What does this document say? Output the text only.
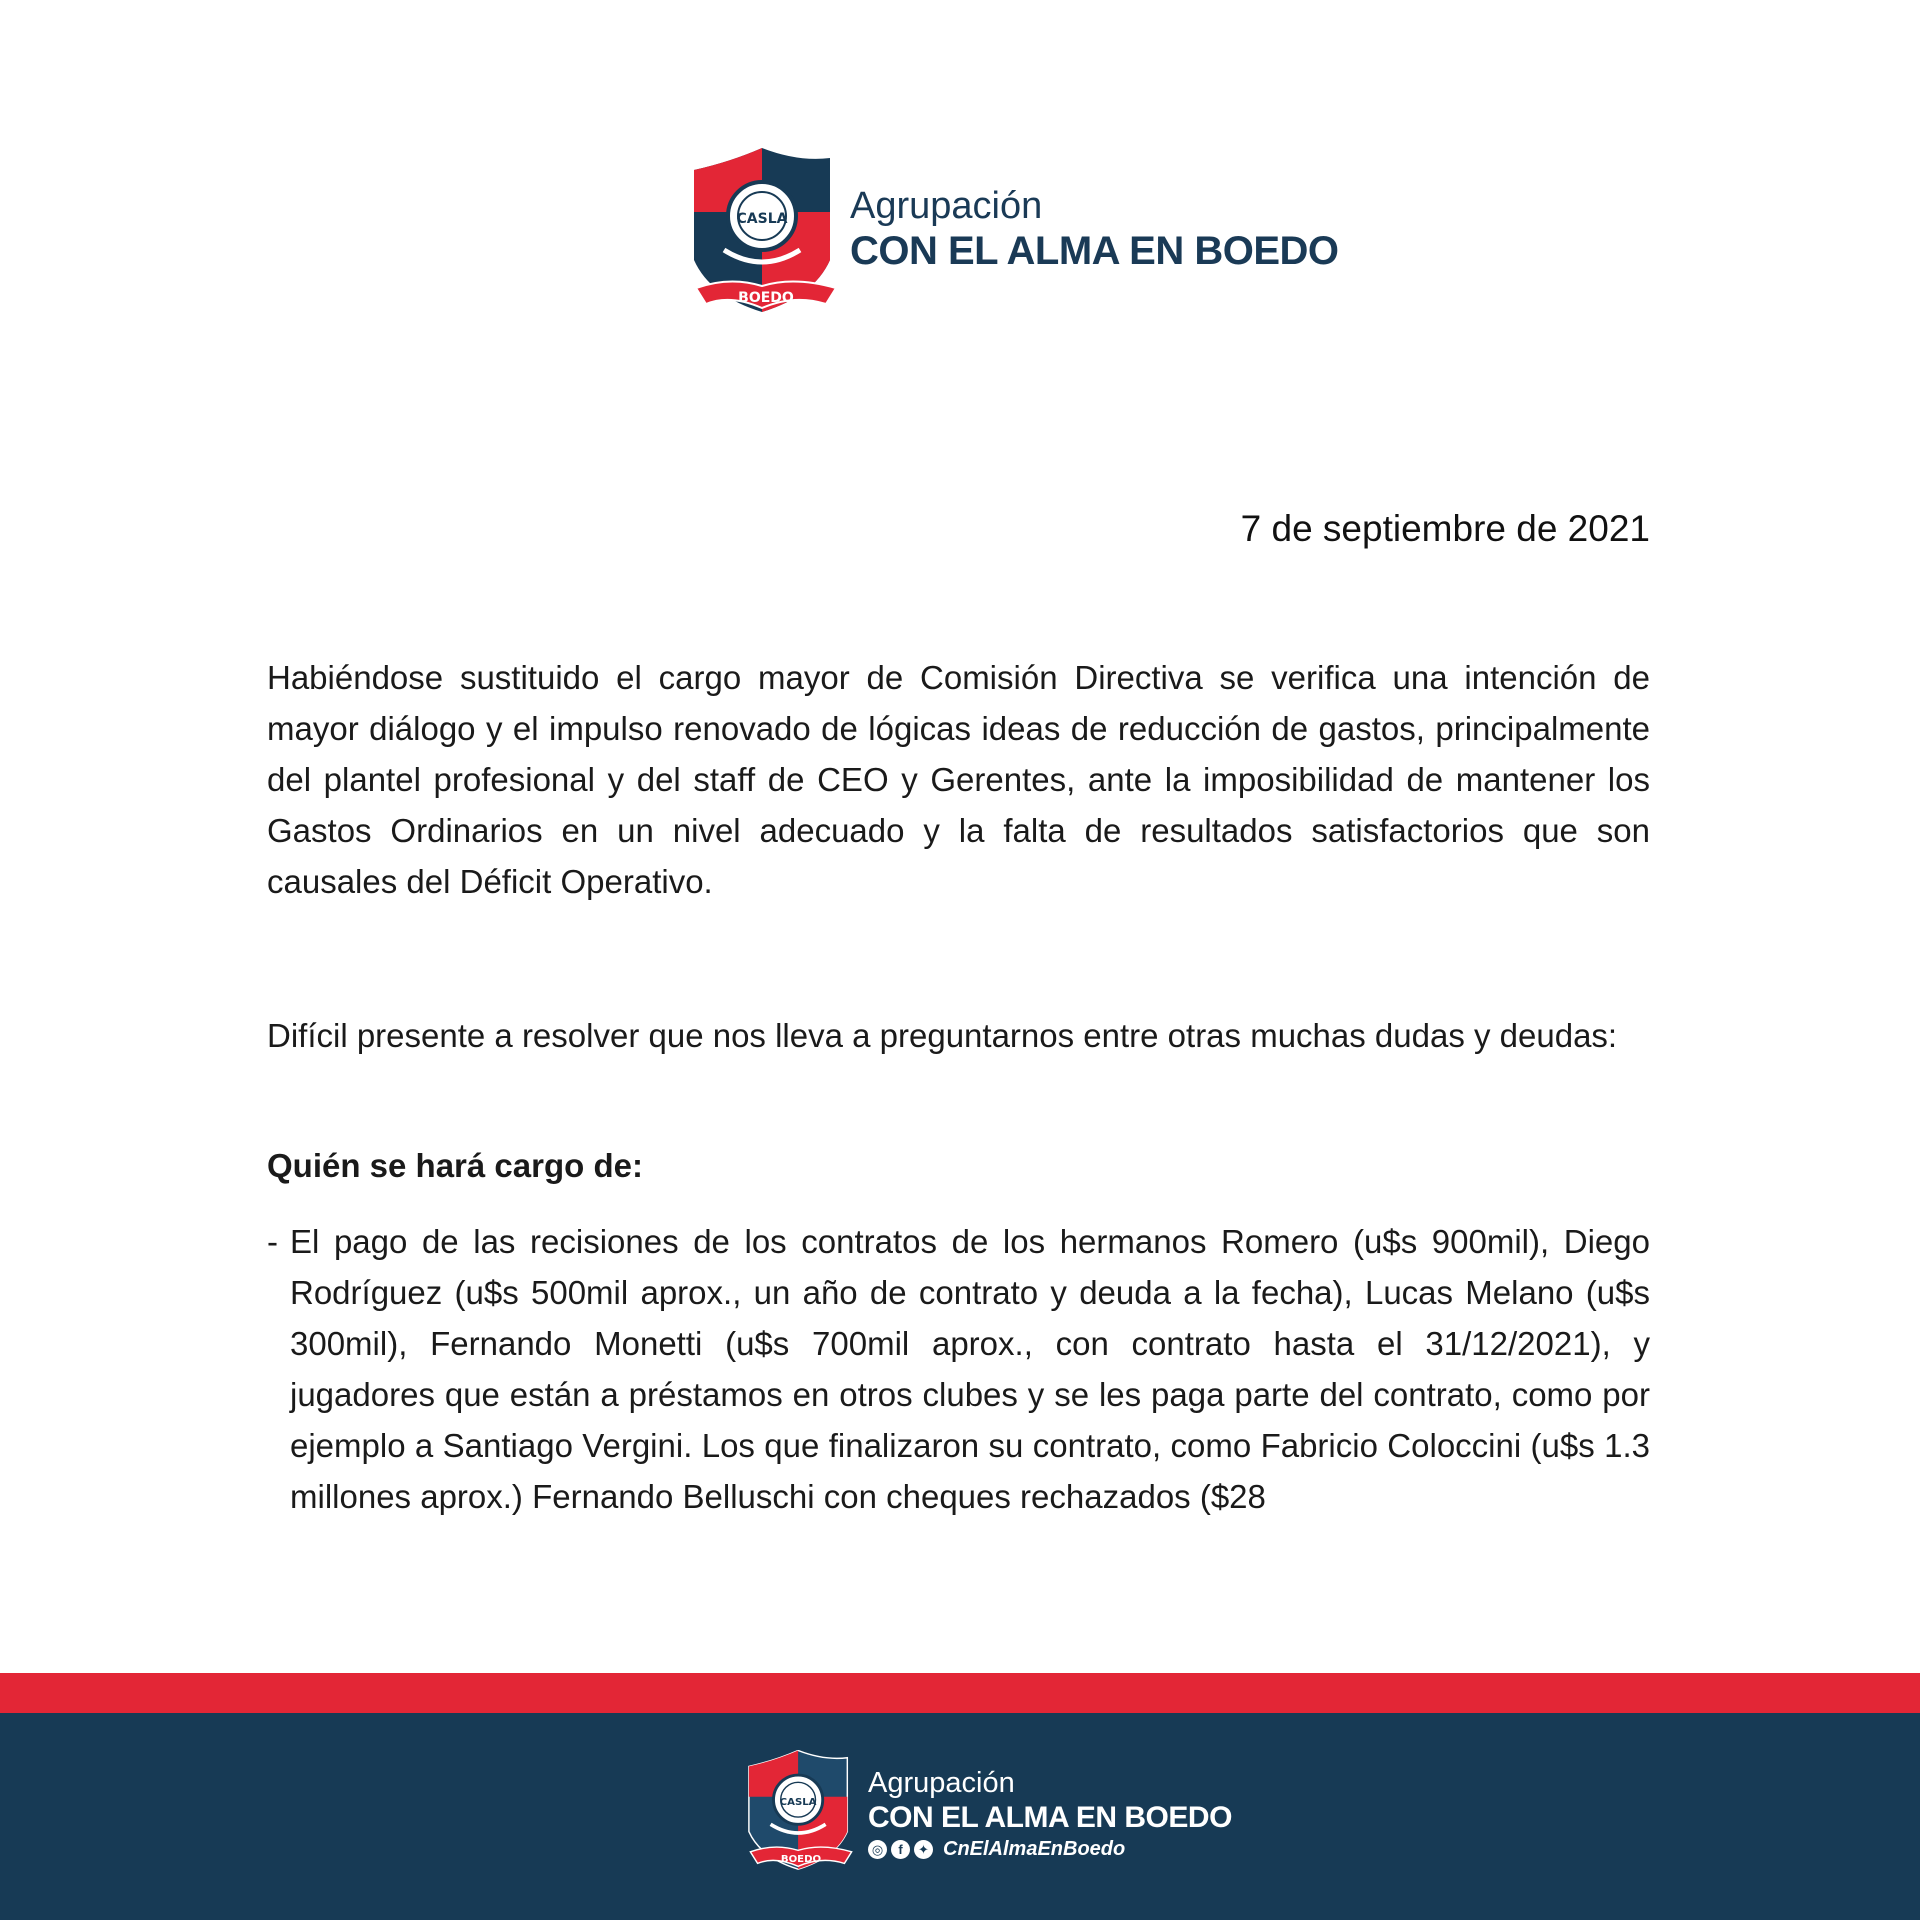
CASLA
BOEDO
Agrupación
CON EL ALMA EN BOEDO
7 de septiembre de 2021
Habiéndose sustituido el cargo mayor de Comisión Directiva se verifica una intención de mayor diálogo y el impulso renovado de lógicas ideas de reducción de gastos, principalmente del plantel profesional y del staff de CEO y Gerentes, ante la imposibilidad de mantener los Gastos Ordinarios en un nivel adecuado y la falta de resultados satisfactorios que son causales del Déficit Operativo.
Difícil presente a resolver que nos lleva a preguntarnos entre otras muchas dudas y deudas:
Quién se hará cargo de:
- El pago de las recisiones de los contratos de los hermanos Romero (u$s 900mil), Diego Rodríguez (u$s 500mil aprox., un año de contrato y deuda a la fecha), Lucas Melano (u$s 300mil), Fernando Monetti (u$s 700mil aprox., con contrato hasta el 31/12/2021), y jugadores que están a préstamos en otros clubes y se les paga parte del contrato, como por ejemplo a Santiago Vergini. Los que finalizaron su contrato, como Fabricio Coloccini (u$s 1.3 millones aprox.) Fernando Belluschi con cheques rechazados ($28
CASLA
BOEDO
Agrupación
CON EL ALMA EN BOEDO
◎	f	✦ CnElAlmaEnBoedo
